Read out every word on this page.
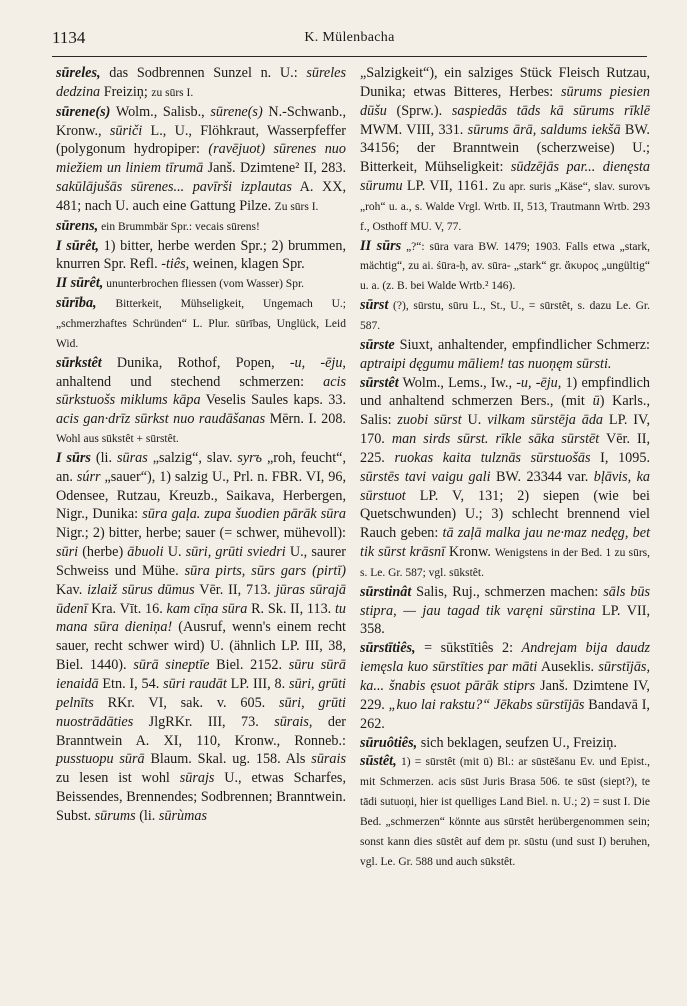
1134	K. Mülenbacha

sūreles, das Sodbrennen Sunzel n. U.: sūreles dedzina Freiziņ; zu sūrs I.

sūrene(s) Wolm., Salisb., sūrene(s) N.-Schwanb., Kronw., sūriči L., U., Flöhkraut, Wasserpfeffer (polygonum hydropiper: (ravējuot) sūrenes nuo miežiem un liniem tīrumā Janš. Dzimtene² II, 283. sakūlājušās sūrenes... pavīrši izplautas A. XX, 481; nach U. auch eine Gattung Pilze. Zu sūrs I.

sūrens, ein Brummbär Spr.: vecais sūrens!

I sūrêt, 1) bitter, herbe werden Spr.; 2) brummen, knurren Spr. Refl. -tiês, weinen, klagen Spr.

II sūrêt, ununterbrochen fliessen (vom Wasser) Spr.

sūrība, Bitterkeit, Mühseligkeit, Ungemach U.; „schmerzhaftes Schründen“ L. Plur. sūrības, Unglück, Leid Wid.

sūrkstêt Dunika, Rothof, Popen, -u, -ēju, anhaltend und stechend schmerzen: acis sūrkstuošs miklums kāpa Veselis Saules kaps. 33. acis gan·drīz sūrkst nuo raudāšanas Mērn. I. 208. Wohl aus sūkstêt + sūrstêt.

I sūrs (li. sūras „salzig“, slav. syrъ „roh, feucht“, an. súrr „sauer“), 1) salzig U., Prl. n. FBR. VI, 96, Odensee, Rutzau, Kreuzb., Saikava, Herbergen, Nigr., Dunika: sūra gaļa. zupa šuodien pārāk sūra Nigr.; 2) bitter, herbe; sauer (= schwer, mühevoll): sūri (herbe) ābuoli U. sūri, grūti sviedri U., saurer Schweiss und Mühe. sūra pirts, sūrs gars (pirtī) Kav. izlaiž sūrus dūmus Vēr. II, 713. jūras sūrajā ūdenī Kra. Vīt. 16. kam cīņa sūra R. Sk. II, 113. tu mana sūra dieniņa! (Ausruf, wenn's einem recht sauer, recht schwer wird) U. (ähnlich LP. III, 38, Biel. 1440). sūrā sineptīe Biel. 2152. sūru sūrā ienaidā Etn. I, 54. sūri raudāt LP. III, 8. sūri, grūti pelnīts RKr. VI, sak. v. 605. sūri, grūti nuostrādāties JlgRKr. III, 73. sūrais, der Branntwein A. XI, 110, Kronw., Ronneb.: pusstuopu sūrā Blaum. Skal. ug. 158. Als sūrais zu lesen ist wohl sūrajs U., etwas Scharfes, Beissendes, Brennendes; Sodbrennen; Branntwein. Subst. sūrums (li. sūrùmas

„Salzigkeit“), ein salziges Stück Fleisch Rutzau, Dunika; etwas Bitteres, Herbes: sūrums piesien dūšu (Sprw.). saspiedās tāds kā sūrums rīklē MWM. VIII, 331. sūrums ārā, saldums iekšā BW. 34156; der Branntwein (scherzweise) U.; Bitterkeit, Mühseligkeit: sūdzējās par... dienęsta sūrumu LP. VII, 1161. Zu apr. suris „Käse“, slav. surovъ „roh“ u. a., s. Walde Vrgl. Wrtb. II, 513, Trautmann Wrtb. 293 f., Osthoff MU. V, 77.

II sūrs „?“: sūra vara BW. 1479; 1903. Falls etwa „stark, mächtig“, zu ai. śūra-ḥ, av. sūra- „stark“ gr. ἄκυρος „ungültig“ u. a. (z. B. bei Walde Wrtb.² 146).

sūrst (?), sūrstu, sūru L., St., U., = sūrstêt, s. dazu Le. Gr. 587.

sūrste Siuxt, anhaltender, empfindlicher Schmerz: aptraipi dęgumu māliem! tas nuoņęm sūrsti.

sūrstêt Wolm., Lems., Iw., -u, -ēju, 1) empfindlich und anhaltend schmerzen Bers., (mit ū) Karls., Salis: zuobi sūrst U. vilkam sūrstēja āda LP. IV, 170. man sirds sūrst. rīkle sāka sūrstēt Vēr. II, 225. ruokas kaita tulznās sūrstuošās I, 1095. sūrstēs tavi vaigu gali BW. 23344 var. bļāvis, ka sūrstuot LP. V, 131; 2) siepen (wie bei Quetschwunden) U.; 3) schlecht brennend viel Rauch geben: tā zaļā malka jau ne·maz nedęg, bet tik sūrst krāsnī Kronw. Wenigstens in der Bed. 1 zu sūrs, s. Le. Gr. 587; vgl. sūkstêt.

sūrstinât Salis, Ruj., schmerzen machen: sāls būs stipra, — jau tagad tik varęni sūrstina LP. VII, 358.

sūrstītiês, = sūkstītiês 2: Andrejam bija daudz iemęsla kuo sūrstīties par māti Auseklis. sūrstījās, ka... šnabis ęsuot pārāk stiprs Janš. Dzimtene IV, 229. „kuo lai rakstu?“ Jēkabs sūrstījās Bandavā I, 262.

sūruôtiês, sich beklagen, seufzen U., Freiziņ.

sūstêt, 1) = sūrstêt (mit ū) Bl.: ar sūstēšanu Ev. und Epist., mit Schmerzen. acis sūst Juris Brasa 506. te sūst (siept?), te tādi sutuoņi, hier ist quelliges Land Biel. n. U.; 2) = sust I. Die Bed. „schmerzen“ könnte aus sūrstêt herübergenommen sein; sonst kann dies sūstêt auf dem pr. sūstu (und sust I) beruhen, vgl. Le. Gr. 588 und auch sūkstêt.
